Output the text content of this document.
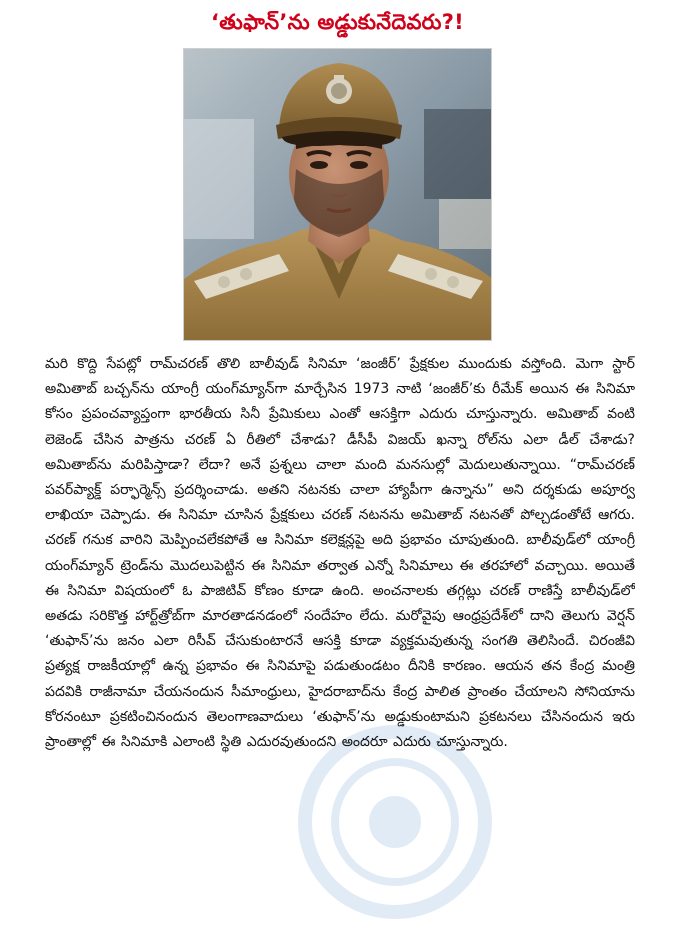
‘తుఫాన్’ను అడ్డుకునేదెవరు?!

మరి కొద్ది సేపట్లో రామ్‌చరణ్ తొలి బాలీవుడ్ సినిమా ‘జంజీర్’ ప్రేక్షకుల ముందుకు వస్తోంది. మెగా స్టార్ అమితాబ్ బచ్చన్‌ను యాంగ్రీ యంగ్‌మ్యాన్‌గా మార్చేసిన 1973 నాటి ‘జంజీర్’కు రీమేక్ అయిన ఈ సినిమా కోసం ప్రపంచవ్యాప్తంగా భారతీయ సినీ ప్రేమికులు ఎంతో ఆసక్తిగా ఎదురు చూస్తున్నారు. అమితాబ్ వంటి లెజెండ్ చేసిన పాత్రను చరణ్ ఏ రీతిలో చేశాడు? డీసీపీ విజయ్ ఖన్నా రోల్‌ను ఎలా డీల్ చేశాడు? అమితాబ్‌ను మరిపిస్తాడా? లేదా? అనే ప్రశ్నలు చాలా మంది మనసుల్లో మెదులుతున్నాయి. “రామ్‌చరణ్ పవర్‌ప్యాక్డ్ పర్ఫార్మెన్స్ ప్రదర్శించాడు. అతని నటనకు చాలా హ్యాపీగా ఉన్నాను” అని దర్శకుడు అపూర్వ లాఖియా చెప్పాడు. ఈ సినిమా చూసిన ప్రేక్షకులు చరణ్ నటనను అమితాబ్ నటనతో పోల్చడంతోటే ఆగరు. చరణ్ గనుక వారిని మెప్పించలేకపోతే ఆ సినిమా కలెక్షన్లపై అది ప్రభావం చూపుతుంది. బాలీవుడ్‌లో యాంగ్రీ యంగ్‌మ్యాన్ ట్రెండ్‌ను మొదలుపెట్టిన ఈ సినిమా తర్వాత ఎన్నో సినిమాలు ఈ తరహాలో వచ్చాయి. అయితే ఈ సినిమా విషయంలో ఓ పాజిటివ్ కోణం కూడా ఉంది. అంచనాలకు తగ్గట్లు చరణ్ రాణిస్తే బాలీవుడ్‌లో అతడు సరికొత్త హార్ట్‌త్రోబ్‌గా మారతాడనడంలో సందేహం లేదు. మరోవైపు ఆంధ్రప్రదేశ్‌లో దాని తెలుగు వెర్షన్ ‘తుఫాన్’ను జనం ఎలా రిసీవ్ చేసుకుంటారనే ఆసక్తి కూడా వ్యక్తమవుతున్న సంగతి తెలిసిందే. చిరంజీవి ప్రత్యక్ష రాజకీయాల్లో ఉన్న ప్రభావం ఈ సినిమాపై పడుతుండటం దీనికి కారణం. ఆయన తన కేంద్ర మంత్రి పదవికి రాజీనామా చేయనందున సీమాంధ్రులు, హైదరాబాద్‌ను కేంద్ర పాలిత ప్రాంతం చేయాలని సోనియాను కోరనంటూ ప్రకటించినందున తెలంగాణవాదులు ‘తుఫాన్’ను అడ్డుకుంటామని ప్రకటనలు చేసినందున ఇరు ప్రాంతాల్లో ఈ సినిమాకి ఎలాంటి స్థితి ఎదురవుతుందని అందరూ ఎదురు చూస్తున్నారు.
